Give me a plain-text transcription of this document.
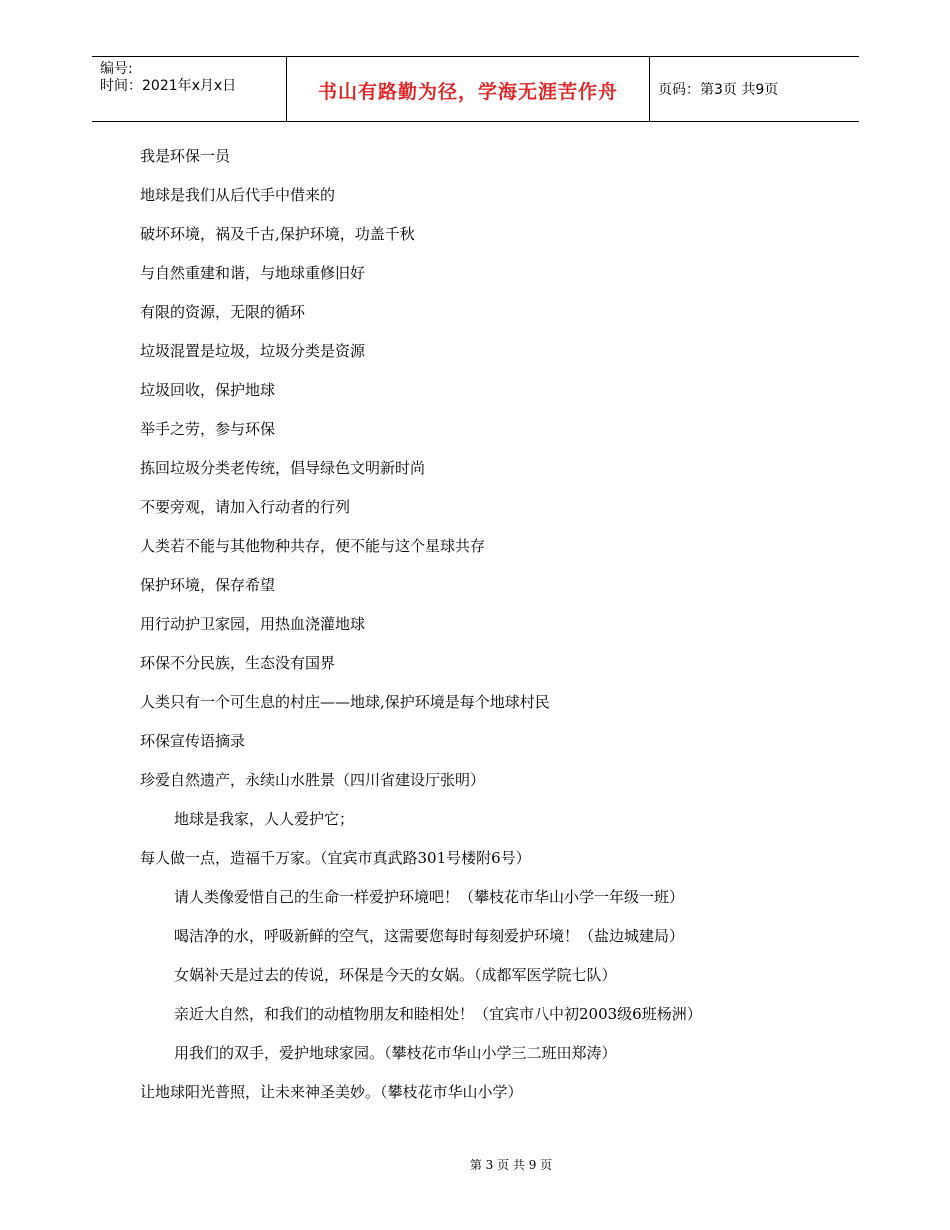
编号:
时间：2021年x月x日	书山有路勤为径，学海无涯苦作舟	页码：第3页 共9页
我是环保一员
地球是我们从后代手中借来的
破坏环境，祸及千古,保护环境，功盖千秋
与自然重建和谐，与地球重修旧好
有限的资源，无限的循环
垃圾混置是垃圾，垃圾分类是资源
垃圾回收，保护地球
举手之劳，参与环保
拣回垃圾分类老传统，倡导绿色文明新时尚
不要旁观，请加入行动者的行列
人类若不能与其他物种共存，便不能与这个星球共存
保护环境，保存希望
用行动护卫家园，用热血浇灌地球
环保不分民族，生态没有国界
人类只有一个可生息的村庄——地球,保护环境是每个地球村民
环保宣传语摘录
珍爱自然遗产，永续山水胜景（四川省建设厅张明）
地球是我家，人人爱护它；
每人做一点，造福千万家。（宜宾市真武路301号楼附6号）
请人类像爱惜自己的生命一样爱护环境吧！（攀枝花市华山小学一年级一班）
喝洁净的水，呼吸新鲜的空气，这需要您每时每刻爱护环境！（盐边城建局）
女娲补天是过去的传说，环保是今天的女娲。（成都军医学院七队）
亲近大自然，和我们的动植物朋友和睦相处！（宜宾市八中初2003级6班杨洲）
用我们的双手，爱护地球家园。（攀枝花市华山小学三二班田郑涛）
让地球阳光普照，让未来神圣美妙。（攀枝花市华山小学）
第 3 页 共 9 页
